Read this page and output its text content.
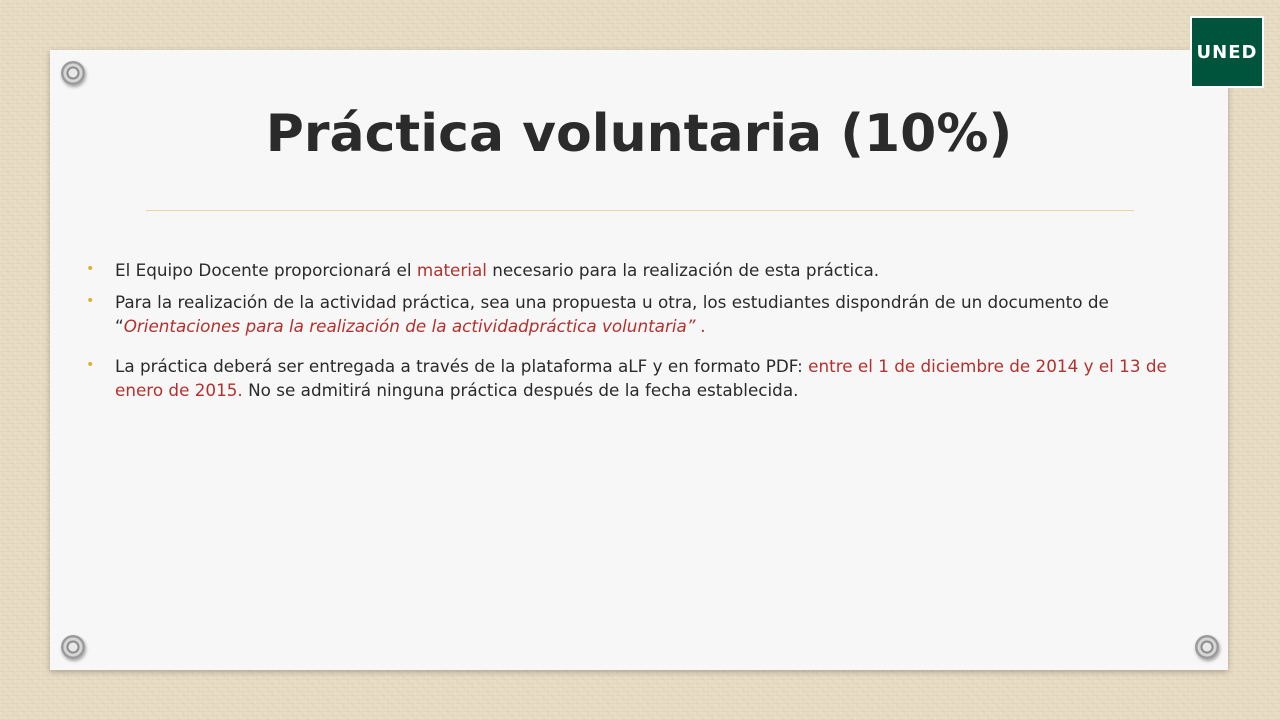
UNED
Práctica voluntaria (10%)
• El Equipo Docente proporcionará el material necesario para la realización de esta práctica.
• Para la realización de la actividad práctica, sea una propuesta u otra, los estudiantes dispondrán de un documento de “Orientaciones para la realización de la actividadpráctica voluntaria” .
• La práctica deberá ser entregada a través de la plataforma aLF y en formato PDF: entre el 1 de diciembre de 2014 y el 13 de enero de 2015. No se admitirá ninguna práctica después de la fecha establecida.
